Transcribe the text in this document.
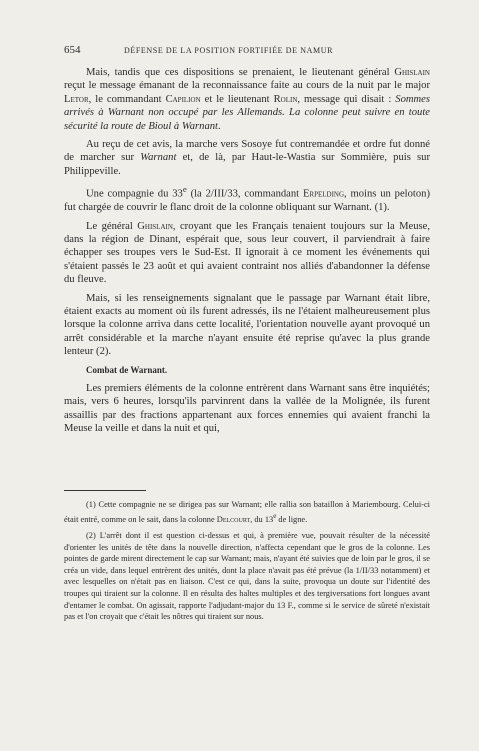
654	DÉFENSE DE LA POSITION FORTIFIÉE DE NAMUR

Mais, tandis que ces dispositions se prenaient, le lieutenant général Ghislain reçut le message émanant de la reconnaissance faite au cours de la nuit par le major Letor, le commandant Capilion et le lieutenant Rolin, message qui disait : Sommes arrivés à Warnant non occupé par les Allemands. La colonne peut suivre en toute sécurité la route de Bioul à Warnant.

Au reçu de cet avis, la marche vers Sosoye fut contremandée et ordre fut donné de marcher sur Warnant et, de là, par Haut-le-Wastia sur Sommière, puis sur Philippeville.

Une compagnie du 33e (la 2/III/33, commandant Erpelding, moins un peloton) fut chargée de couvrir le flanc droit de la colonne obliquant sur Warnant. (1).

Le général Ghislain, croyant que les Français tenaient toujours sur la Meuse, dans la région de Dinant, espérait que, sous leur couvert, il parviendrait à faire échapper ses troupes vers le Sud-Est. Il ignorait à ce moment les événements qui s'étaient passés le 23 août et qui avaient contraint nos alliés d'abandonner la défense du fleuve.

Mais, si les renseignements signalant que le passage par Warnant était libre, étaient exacts au moment où ils furent adressés, ils ne l'étaient malheureusement plus lorsque la colonne arriva dans cette localité, l'orientation nouvelle ayant provoqué un arrêt considérable et la marche n'ayant ensuite été reprise qu'avec la plus grande lenteur (2).

Combat de Warnant.

Les premiers éléments de la colonne entrèrent dans Warnant sans être inquiétés; mais, vers 6 heures, lorsqu'ils parvinrent dans la vallée de la Molignée, ils furent assaillis par des fractions appartenant aux forces ennemies qui avaient franchi la Meuse la veille et dans la nuit et qui,

(1) Cette compagnie ne se dirigea pas sur Warnant; elle rallia son bataillon à Mariembourg. Celui-ci était entré, comme on le sait, dans la colonne Delcourt, du 13e de ligne.

(2) L'arrêt dont il est question ci-dessus et qui, à première vue, pouvait résulter de la nécessité d'orienter les unités de tête dans la nouvelle direction, n'affecta cependant que le gros de la colonne. Les pointes de garde mirent directement le cap sur Warnant; mais, n'ayant été suivies que de loin par le gros, il se créa un vide, dans lequel entrèrent des unités, dont la place n'avait pas été prévue (la 1/II/33 notamment) et avec lesquelles on n'était pas en liaison. C'est ce qui, dans la suite, provoqua un doute sur l'identité des troupes qui tiraient sur la colonne. Il en résulta des haltes multiples et des tergiversations fort longues avant d'entamer le combat. On agissait, rapporte l'adjudant-major du 13 F., comme si le service de sûreté n'existait pas et l'on croyait que c'était les nôtres qui tiraient sur nous.
